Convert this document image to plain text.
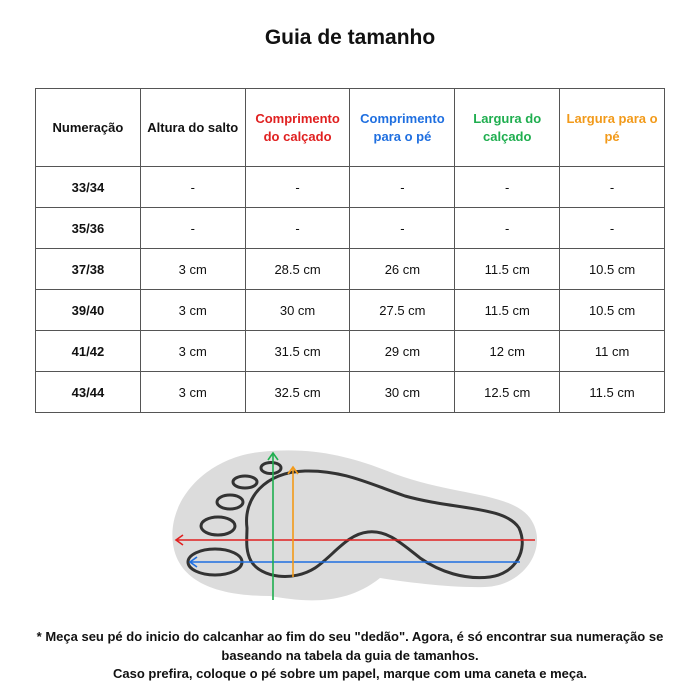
Guia de tamanho
Numeração	Altura do salto	Comprimento do calçado	Comprimento para o pé	Largura do calçado	Largura para o pé
33/34	-	-	-	-	-
35/36	-	-	-	-	-
37/38	3 cm	28.5 cm	26 cm	11.5 cm	10.5 cm
39/40	3 cm	30 cm	27.5 cm	11.5 cm	10.5 cm
41/42	3 cm	31.5 cm	29 cm	12 cm	11 cm
43/44	3 cm	32.5 cm	30 cm	12.5 cm	11.5 cm
* Meça seu pé do inicio do calcanhar ao fim do seu "dedão". Agora, é só encontrar sua numeração se
baseando na tabela da guia de tamanhos.
Caso prefira, coloque o pé sobre um papel, marque com uma caneta e meça.
